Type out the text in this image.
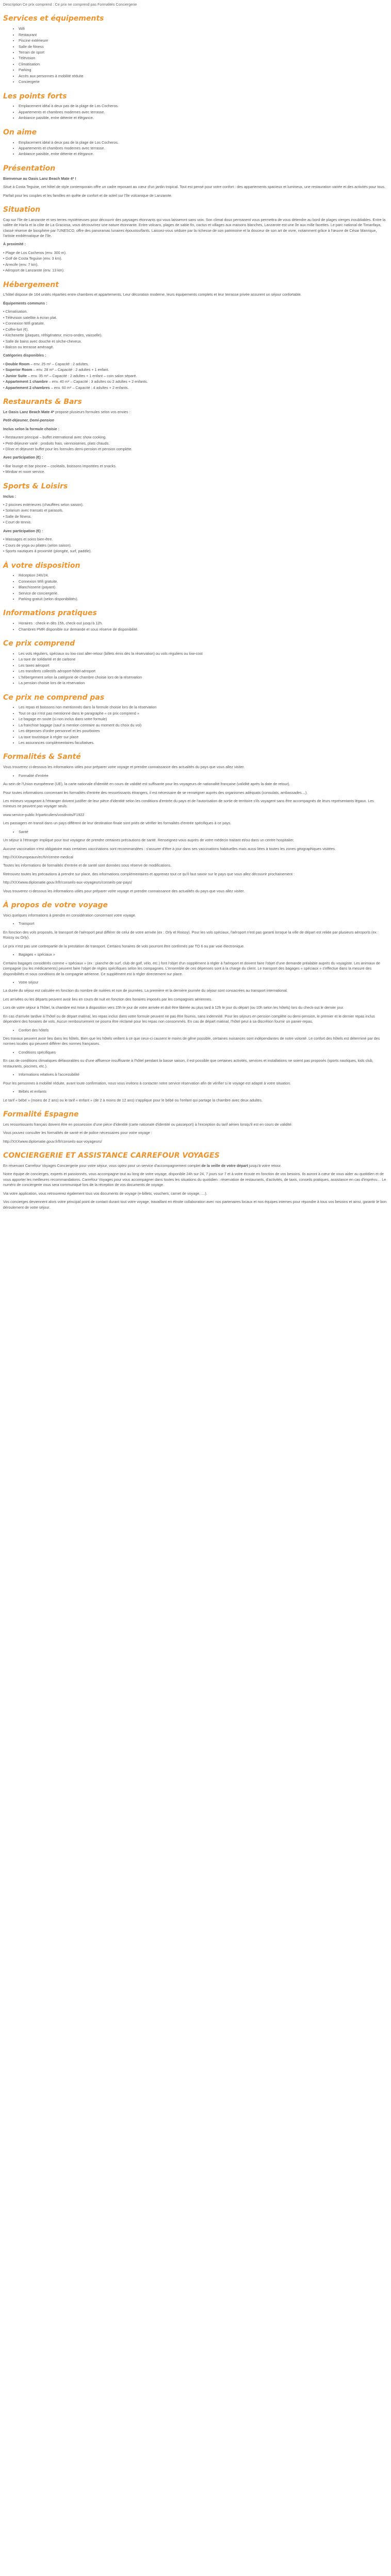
Description Ce prix comprend : Ce prix ne comprend pas Formalités Conciergerie

Services et équipements
• Wifi
• Restaurant
• Piscine extérieure
• Salle de fitness
• Terrain de sport
• Télévision
• Climatisation
• Parking
• Accès aux personnes à mobilité réduite
• Conciergerie
Les points forts
• Emplacement idéal à deux pas de la plage de Los Cocheros.
• Appartements et chambres modernes avec terrasse.
• Ambiance paisible, entre détente et élégance.
On aime
• Emplacement idéal à deux pas de la plage de Los Cocheros.
• Appartements et chambres modernes avec terrasse.
• Ambiance paisible, entre détente et élégance.
Présentation

Bienvenue au Oasis Lanz Beach Mate 4* !

Situé à Costa Teguise, cet hôtel de style contemporain offre un cadre reposant au cœur d'un jardin tropical. Tout est pensé pour votre confort : des appartements spacieux et lumineux, une restauration variée et des activités pour tous.

Parfait pour les couples et les familles en quête de confort et de soleil sur l'île volcanique de Lanzarote.

Situation

Cap sur l'île de Lanzarote et ses terres mystérieuses pour découvrir des paysages étonnants qui vous laisseront sans voix. Son climat doux permanent vous permettra de vous détendre au bord de plages vierges inoubliables. Entre la vallée de Haría et la côte de La Graciosa, vous découvrirez une nature étonnante. Entre volcans, plages de sable fin, cactus et villages aux maisons blanches, Lanzarote est une île aux mille facettes. Le parc national de Timanfaya, classé réserve de biosphère par l'UNESCO, offre des panoramas lunaires époustouflants. Laissez-vous séduire par la richesse de son patrimoine et la douceur de son art de vivre, notamment grâce à l'œuvre de César Manrique, l'artiste emblématique de l'île.

À proximité :

• Plage de Los Cocheros (env. 300 m).
• Golf de Costa Teguise (env. 3 km).
• Arrecife (env. 7 km).
• Aéroport de Lanzarote (env. 13 km).
Hébergement

L'hôtel dispose de 164 unités réparties entre chambres et appartements. Leur décoration moderne, leurs équipements complets et leur terrasse privée assurent un séjour confortable.

Équipements communs :

• Climatisation.
• Télévision satellite à écran plat.
• Connexion Wifi gratuite.
• Coffre-fort (€).
• Kitchenette (plaques, réfrigérateur, micro-ondes, vaisselle).
• Salle de bains avec douche et sèche-cheveux.
• Balcon ou terrasse aménagé.

Catégories disponibles :

• Double Room – env. 25 m² – Capacité : 2 adultes.
• Superior Room – env. 28 m² – Capacité : 2 adultes + 1 enfant.
• Junior Suite – env. 35 m² – Capacité : 2 adultes + 1 enfant – coin salon séparé.
• Appartement 1 chambre – env. 40 m² – Capacité : 3 adultes ou 2 adultes + 2 enfants.
• Appartement 2 chambres – env. 60 m² – Capacité : 4 adultes + 2 enfants.
Restaurants & Bars

Le Oasis Lanz Beach Mate 4* propose plusieurs formules selon vos envies :

Petit-déjeuner, Demi-pension

Inclus selon la formule choisie :

• Restaurant principal – buffet international avec show cooking.
• Petit-déjeuner varié : produits frais, viennoiseries, plats chauds.
• Dîner et déjeuner buffet pour les formules demi-pension et pension complète.

Avec participation (€) :

• Bar lounge et bar piscine – cocktails, boissons importées et snacks.
• Minibar et room service.
Sports & Loisirs

Inclus :

• 2 piscines extérieures (chauffées selon saison).
• Solarium avec transats et parasols.
• Salle de fitness.
• Court de tennis.

Avec participation (€) :

• Massages et soins bien-être.
• Cours de yoga ou pilates (selon saison).
• Sports nautiques à proximité (plongée, surf, paddle).
À votre disposition
• Réception 24h/24.
• Connexion Wifi gratuite.
• Blanchisserie (payant).
• Service de conciergerie.
• Parking gratuit (selon disponibilités).
Informations pratiques
• Horaires : check-in dès 15h, check-out jusqu'à 12h.
• Chambres PMR disponible sur demande et sous réserve de disponibilité.
Ce prix comprend
• Les vols réguliers, spéciaux ou low cost aller-retour (billets émis dès la réservation) ou vols réguliers ou low-cost
• La taxe de solidarité et de carbone
• Les taxes aéroport
• Les transferts collectifs aéroport-hôtel-aéroport
• L'hébergement selon la catégorie de chambre choisie lors de la réservation
• La pension choisie lors de la réservation
Ce prix ne comprend pas
• Les repas et boissons non mentionnés dans la formule choisie lors de la réservation
• Tout ce qui n'est pas mentionné dans le paragraphe « ce prix comprend »
• Le bagage en soute (si non inclus dans votre formule)
• La franchise bagage (sauf si mention contraire au moment du choix du vol)
• Les dépenses d'ordre personnel et les pourboires
• La taxe touristique à régler sur place
• Les assurances complémentaires facultatives.
Formalités & Santé

Vous trouverez ci-dessous les informations utiles pour préparer votre voyage et prendre connaissance des actualités du pays que vous allez visiter.

• Formalité d'entrée

Au sein de l'Union européenne (UE), la carte nationale d'identité en cours de validité est suffisante pour les voyageurs de nationalité française (validité après la date de retour).

Pour toutes informations concernant les formalités d'entrée des ressortissants étrangers, il est nécessaire de se renseigner auprès des organismes adéquats (consulats, ambassades…).

Les mineurs voyageant à l'étranger doivent justifier de leur pièce d'identité selon les conditions d'entrée du pays et de l'autorisation de sortie de territoire s'ils voyagent sans être accompagnés de leurs représentants légaux. Les mineurs ne peuvent pas voyager seuls.

www.service-public.fr/particuliers/vosdroits/F1922

Les passagers en transit dans un pays différent de leur destination finale sont priés de vérifier les formalités d'entrée spécifiques à ce pays.

• Santé

Un séjour à l'étranger implique pour tout voyageur de prendre certaines précautions de santé. Renseignez-vous auprès de votre médecin traitant et/ou dans un centre hospitalier.

Aucune vaccination n'est obligatoire mais certaines vaccinations sont recommandées : s'assurer d'être à jour dans ses vaccinations habituelles mais aussi liées à toutes les zones géographiques visitées.

http://XXXeuropeaun/ec/h/r/centre-medical

Toutes les informations de formalités d'entrée et de santé sont données sous réserve de modifications.

Retrouvez toutes les précautions à prendre sur place, des informations complémentaires et apprenez tout ce qu'il faut savoir sur le pays que vous allez découvrir prochainement :

http://XXXwww.diplomatie.gouv.fr/fr/conseils-aux-voyageurs/conseils-par-pays/

Vous trouverez ci-dessous les informations utiles pour préparer votre voyage et prendre connaissance des actualités du pays que vous allez visiter.

À propos de votre voyage

Voici quelques informations à prendre en considération concernant votre voyage.

• Transport

En fonction des vols proposés, le transport de l'aéroport peut différer de celui de votre arrivée (ex : Orly et Roissy). Pour les vols spéciaux, l'aéroport n'est pas garanti lorsque la ville de départ est reliée par plusieurs aéroports (ex : Roissy ou Orly).

Le prix n'est pas une contrepartie de la prestation de transport. Certains horaires de vols pourront être confirmés par TO 6 ou par voie électronique.

• Bagages « spéciaux »

Certains bagages considérés comme « spéciaux » (ex : planche de surf, club de golf, vélo, etc.) font l'objet d'un supplément à régler à l'aéroport et doivent faire l'objet d'une demande préalable auprès du voyagiste. Les animaux de compagnie (ou les médicaments) peuvent faire l'objet de règles spécifiques selon les compagnies. L'ensemble de ces dépenses sont à la charge du client. Le transport des bagages « spéciaux » s'effectue dans la mesure des disponibilités et sous conditions de la compagnie aérienne. Ce supplément est à régler directement sur place.

• Votre séjour

La durée du séjour est calculée en fonction du nombre de nuitées et non de journées. La première et la dernière journée du séjour sont consacrées au transport international.

Les arrivées ou les départs peuvent avoir lieu en cours de nuit en fonction des horaires imposés par les compagnies aériennes.

Lors de votre séjour à l'hôtel, la chambre est mise à disposition vers 15h le jour de votre arrivée et doit être libérée au plus tard à 12h le jour du départ (ou 10h selon les hôtels) lors du check-out le dernier jour.

En cas d'arrivée tardive à l'hôtel ou de départ matinal, les repas inclus dans votre formule peuvent ne pas être fournis, sans indemnité. Pour les séjours en pension complète ou demi-pension, le premier et le dernier repas inclus dépendent des horaires de vols. Aucun remboursement ne pourra être réclamé pour les repas non consommés. En cas de départ matinal, l'hôtel peut à sa discrétion fournir un panier-repas.

• Confort des hôtels

Des travaux peuvent avoir lieu dans les hôtels. Bien que les hôtels veillent à ce que ceux-ci causent le moins de gêne possible, certaines nuisances sont indépendantes de notre volonté. Le confort des hôtels est déterminé par des normes locales qui peuvent différer des normes françaises.

• Conditions spécifiques

En cas de conditions climatiques défavorables ou d'une affluence insuffisante à l'hôtel pendant la basse saison, il est possible que certaines activités, services et installations ne soient pas proposés (sports nautiques, kids club, restaurants, piscines, etc.).

• Informations relatives à l'accessibilité

Pour les personnes à mobilité réduite, avant toute confirmation, nous vous invitons à contacter notre service réservation afin de vérifier si le voyage est adapté à votre situation.

• Bébés et enfants

Le tarif « bébé » (moins de 2 ans) ou le tarif « enfant » (de 2 à moins de 12 ans) s'applique pour le bébé ou l'enfant qui partage la chambre avec deux adultes.

Formalité Espagne

Les ressortissants français doivent être en possession d'une pièce d'identité (carte nationale d'identité ou passeport) à l'exception du tarif aérien lorsqu'il est en cours de validité.

Vous pouvez consulter les formalités de santé et de police nécessaires pour votre voyage :

http://XXXwww.diplomatie.gouv.fr/fr/conseils-aux-voyageurs/

CONCIERGERIE ET ASSISTANCE CARREFOUR VOYAGES

En réservant Carrefour Voyages Conciergerie pour votre séjour, vous optez pour un service d'accompagnement complet de la veille de votre départ jusqu'à votre retour.

Notre équipe de concierges, experts et passionnés, vous accompagne tout au long de votre voyage, disponible 24h sur 24, 7 jours sur 7 et à votre écoute en fonction de vos besoins. Ils auront à cœur de vous aider au quotidien et de vous apporter les meilleures recommandations. Carrefour Voyages pour vous accompagner dans toutes les situations du quotidien : réservation de restaurants, d'activités, de taxis, conseils pratiques, assistance en cas d'imprévu… Le numéro de conciergerie vous sera communiqué lors de la réception de vos documents de voyage.

Via votre application, vous retrouverez également tous vos documents de voyage (e-billets, vouchers, carnet de voyage, …).

Vos concierges deviennent alors votre principal point de contact durant tout votre voyage, travaillant en étroite collaboration avec nos partenaires locaux et nos équipes internes pour répondre à tous vos besoins et ainsi, garantir le bon déroulement de votre séjour.
